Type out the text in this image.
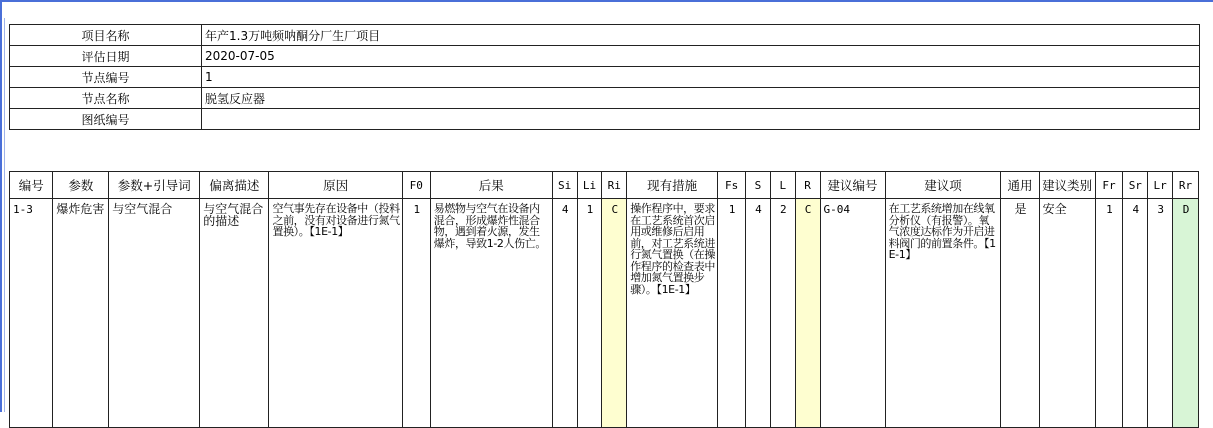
项目名称	年产1.3万吨频呐酮分厂生厂项目
评估日期	2020-07-05
节点编号	1
节点名称	脱氢反应器
图纸编号	
编号	参数	参数+引导词	偏离描述	原因	F0	后果	Si	Li	Ri	现有措施	Fs	S	L	R	建议编号	建议项	通用	建议类别	Fr	Sr	Lr	Rr
1-3	爆炸危害	与空气混合	与空气混合的描述	空气事先存在设备中（投料之前，没有对设备进行氮气置换）。【1E-1】	1	易燃物与空气在设备内混合，形成爆炸性混合物，遇到着火源，发生爆炸，导致1-2人伤亡。	4	1	C	操作程序中，要求在工艺系统首次启用或维修后启用前，对工艺系统进行氮气置换（在操作程序的检查表中增加氮气置换步骤）。【1E-1】	1	4	2	C	G-04	在工艺系统增加在线氧分析仪（有报警）。氧气浓度达标作为开启进料阀门的前置条件。【1E-1】	是	安全	1	4	3	D
